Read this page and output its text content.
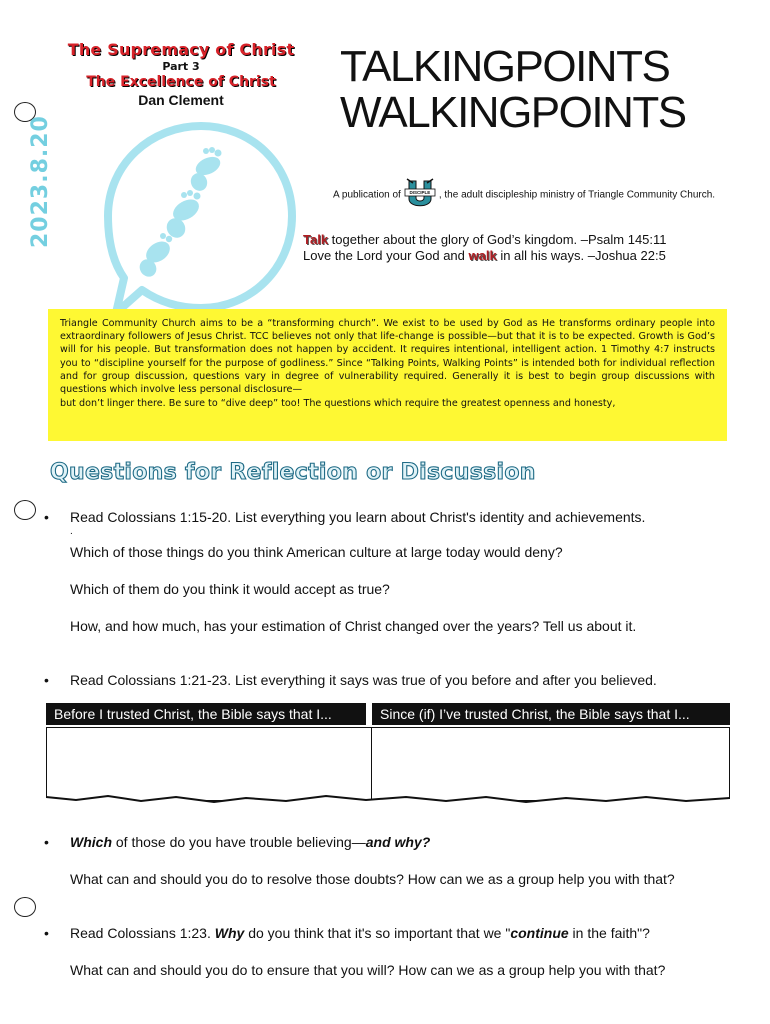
2023.8.20
The Supremacy of Christ
Part 3
The Excellence of Christ
Dan Clement
TALKINGPOINTS
WALKINGPOINTS
A publication of	DISCIPLE , the adult discipleship ministry of Triangle Community Church.
Talk together about the glory of God’s kingdom. –Psalm 145:11
Love the Lord your God and walk in all his ways. –Joshua 22:5

Triangle Community Church aims to be a “transforming church”. We exist to be used by God as He transforms ordinary people into extraordinary followers of Jesus Christ. TCC believes not only that life-change is possible—but that it is to be expected. Growth is God’s will for his people. But transformation does not happen by accident. It requires intentional, intelligent action. 1 Timothy 4:7 instructs you to “discipline yourself for the purpose of godliness.” Since “Talking Points, Walking Points” is intended both for individual reflection and for group discussion, questions vary in degree of vulnerability required. Generally it is best to begin group discussions with questions which involve less personal disclosure—

but don’t linger there. Be sure to “dive deep” too! The questions which require the greatest openness and honesty,
Questions for Reflection or Discussion
• Read Colossians 1:15-20. List everything you learn about Christ's identity and achievements.
.
Which of those things do you think American culture at large today would deny?
Which of them do you think it would accept as true?
How, and how much, has your estimation of Christ changed over the years? Tell us about it.
• Read Colossians 1:21-23. List everything it says was true of you before and after you believed.
Before I trusted Christ, the Bible says that I...	Since (if) I’ve trusted Christ, the Bible says that I...
• Which of those do you have trouble believing—and why?
What can and should you do to resolve those doubts? How can we as a group help you with that?
• Read Colossians 1:23. Why do you think that it's so important that we "continue in the faith"?
What can and should you do to ensure that you will? How can we as a group help you with that?
